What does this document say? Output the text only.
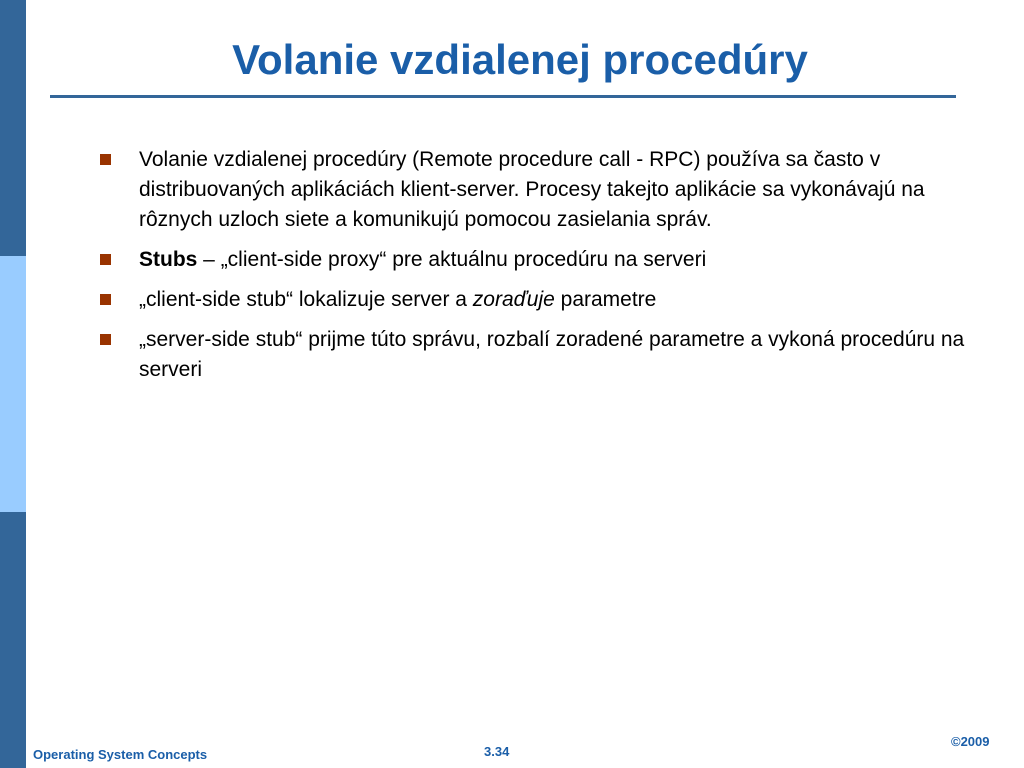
Volanie vzdialenej procedúry
Volanie vzdialenej procedúry (Remote procedure call - RPC) používa sa často v distribuovaných aplikáciách klient-server. Procesy takejto aplikácie sa vykonávajú na rôznych uzloch siete a komunikujú pomocou zasielania správ.
Stubs – „client-side proxy“ pre aktuálnu procedúru na serveri
„client-side stub“ lokalizuje server a zoraďuje parametre
„server-side stub“ prijme túto správu, rozbalí zoradené parametre a vykoná procedúru na serveri
Operating System Concepts	3.34
©2009
